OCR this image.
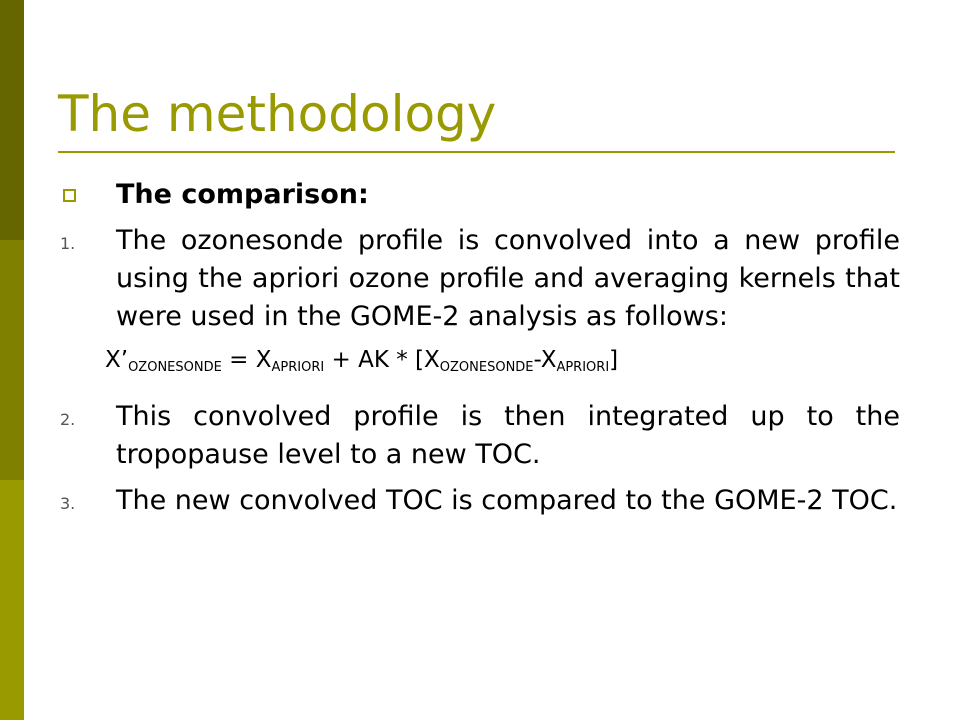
The methodology
The comparison:
1. The ozonesonde profile is convolved into a new profile using the apriori ozone profile and averaging kernels that were used in the GOME-2 analysis as follows:
$X’_{OZONESONDE} = X_{APRIORI}$ + AK * $[X_{OZONESONDE}-X_{APRIORI}]$
2. This convolved profile is then integrated up to the tropopause level to a new TOC.
3. The new convolved TOC is compared to the GOME-2 TOC.
